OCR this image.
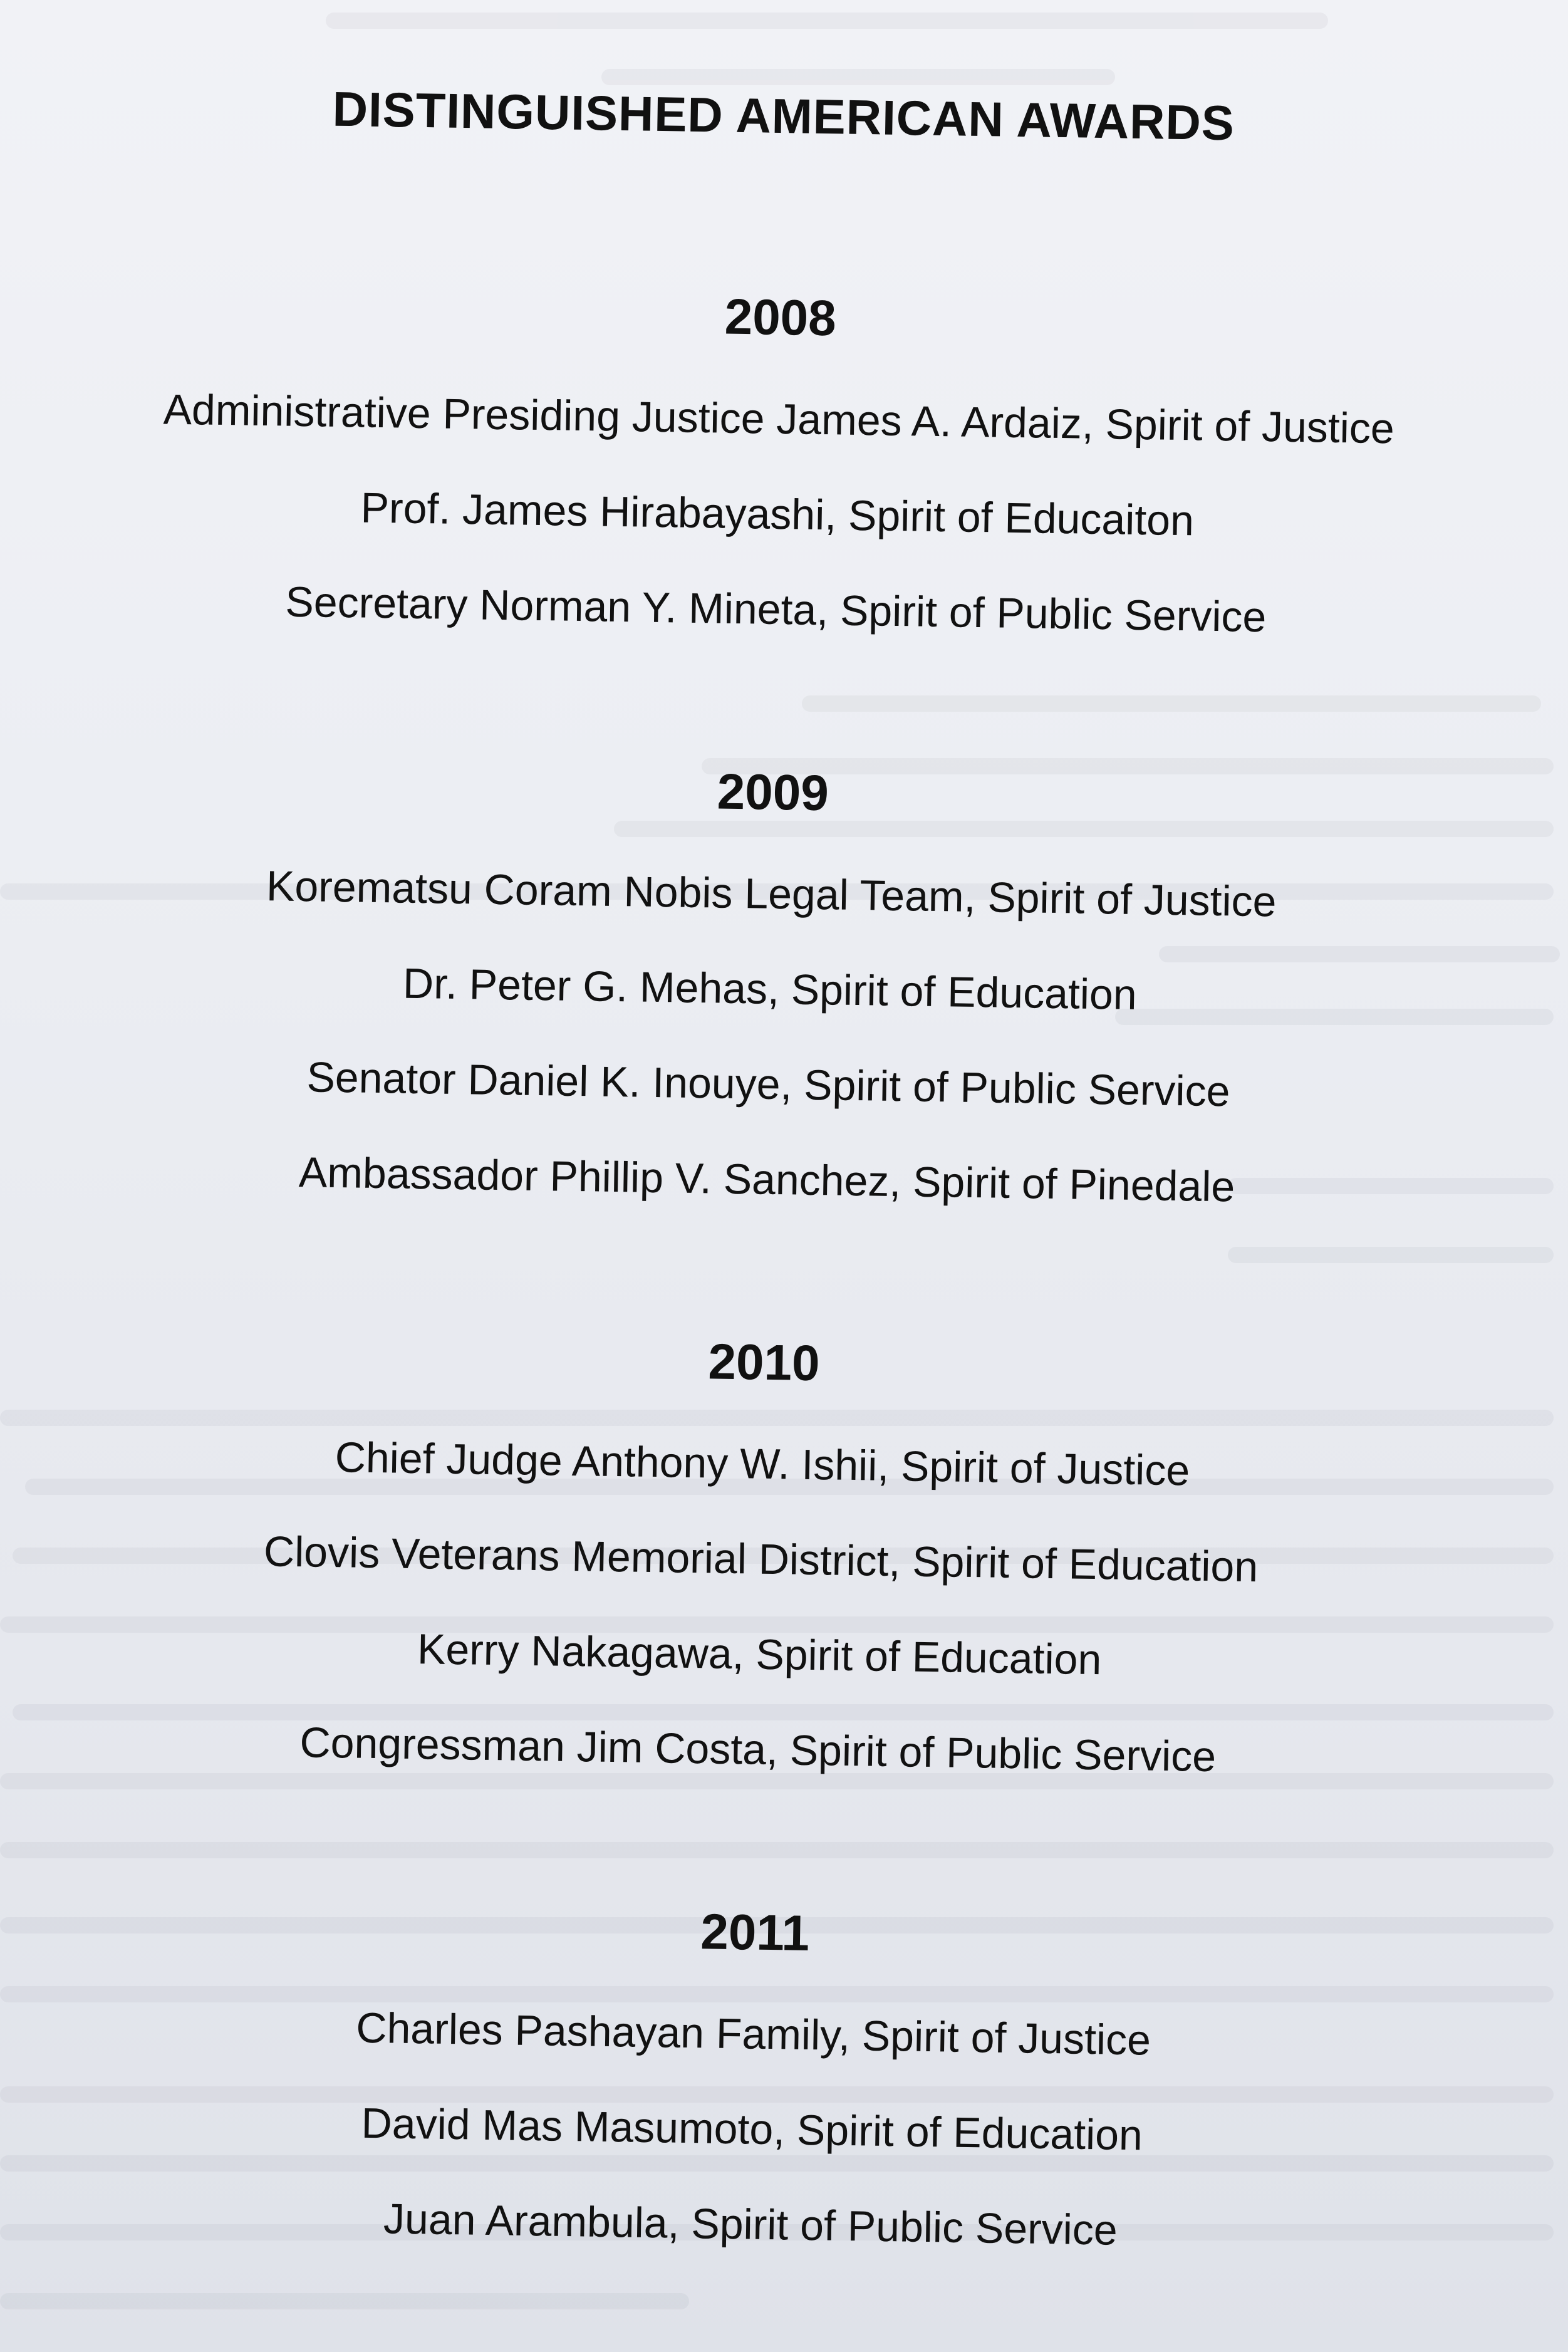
DISTINGUISHED AMERICAN AWARDS
2008
Administrative Presiding Justice James A. Ardaiz, Spirit of Justice
Prof. James Hirabayashi, Spirit of Educaiton
Secretary Norman Y. Mineta, Spirit of Public Service
2009
Korematsu Coram Nobis Legal Team, Spirit of Justice
Dr. Peter G. Mehas, Spirit of Education
Senator Daniel K. Inouye, Spirit of Public Service
Ambassador Phillip V. Sanchez, Spirit of Pinedale
2010
Chief Judge Anthony W. Ishii, Spirit of Justice
Clovis Veterans Memorial District, Spirit of Education
Kerry Nakagawa, Spirit of Education
Congressman Jim Costa, Spirit of Public Service
2011
Charles Pashayan Family, Spirit of Justice
David Mas Masumoto, Spirit of Education
Juan Arambula, Spirit of Public Service
